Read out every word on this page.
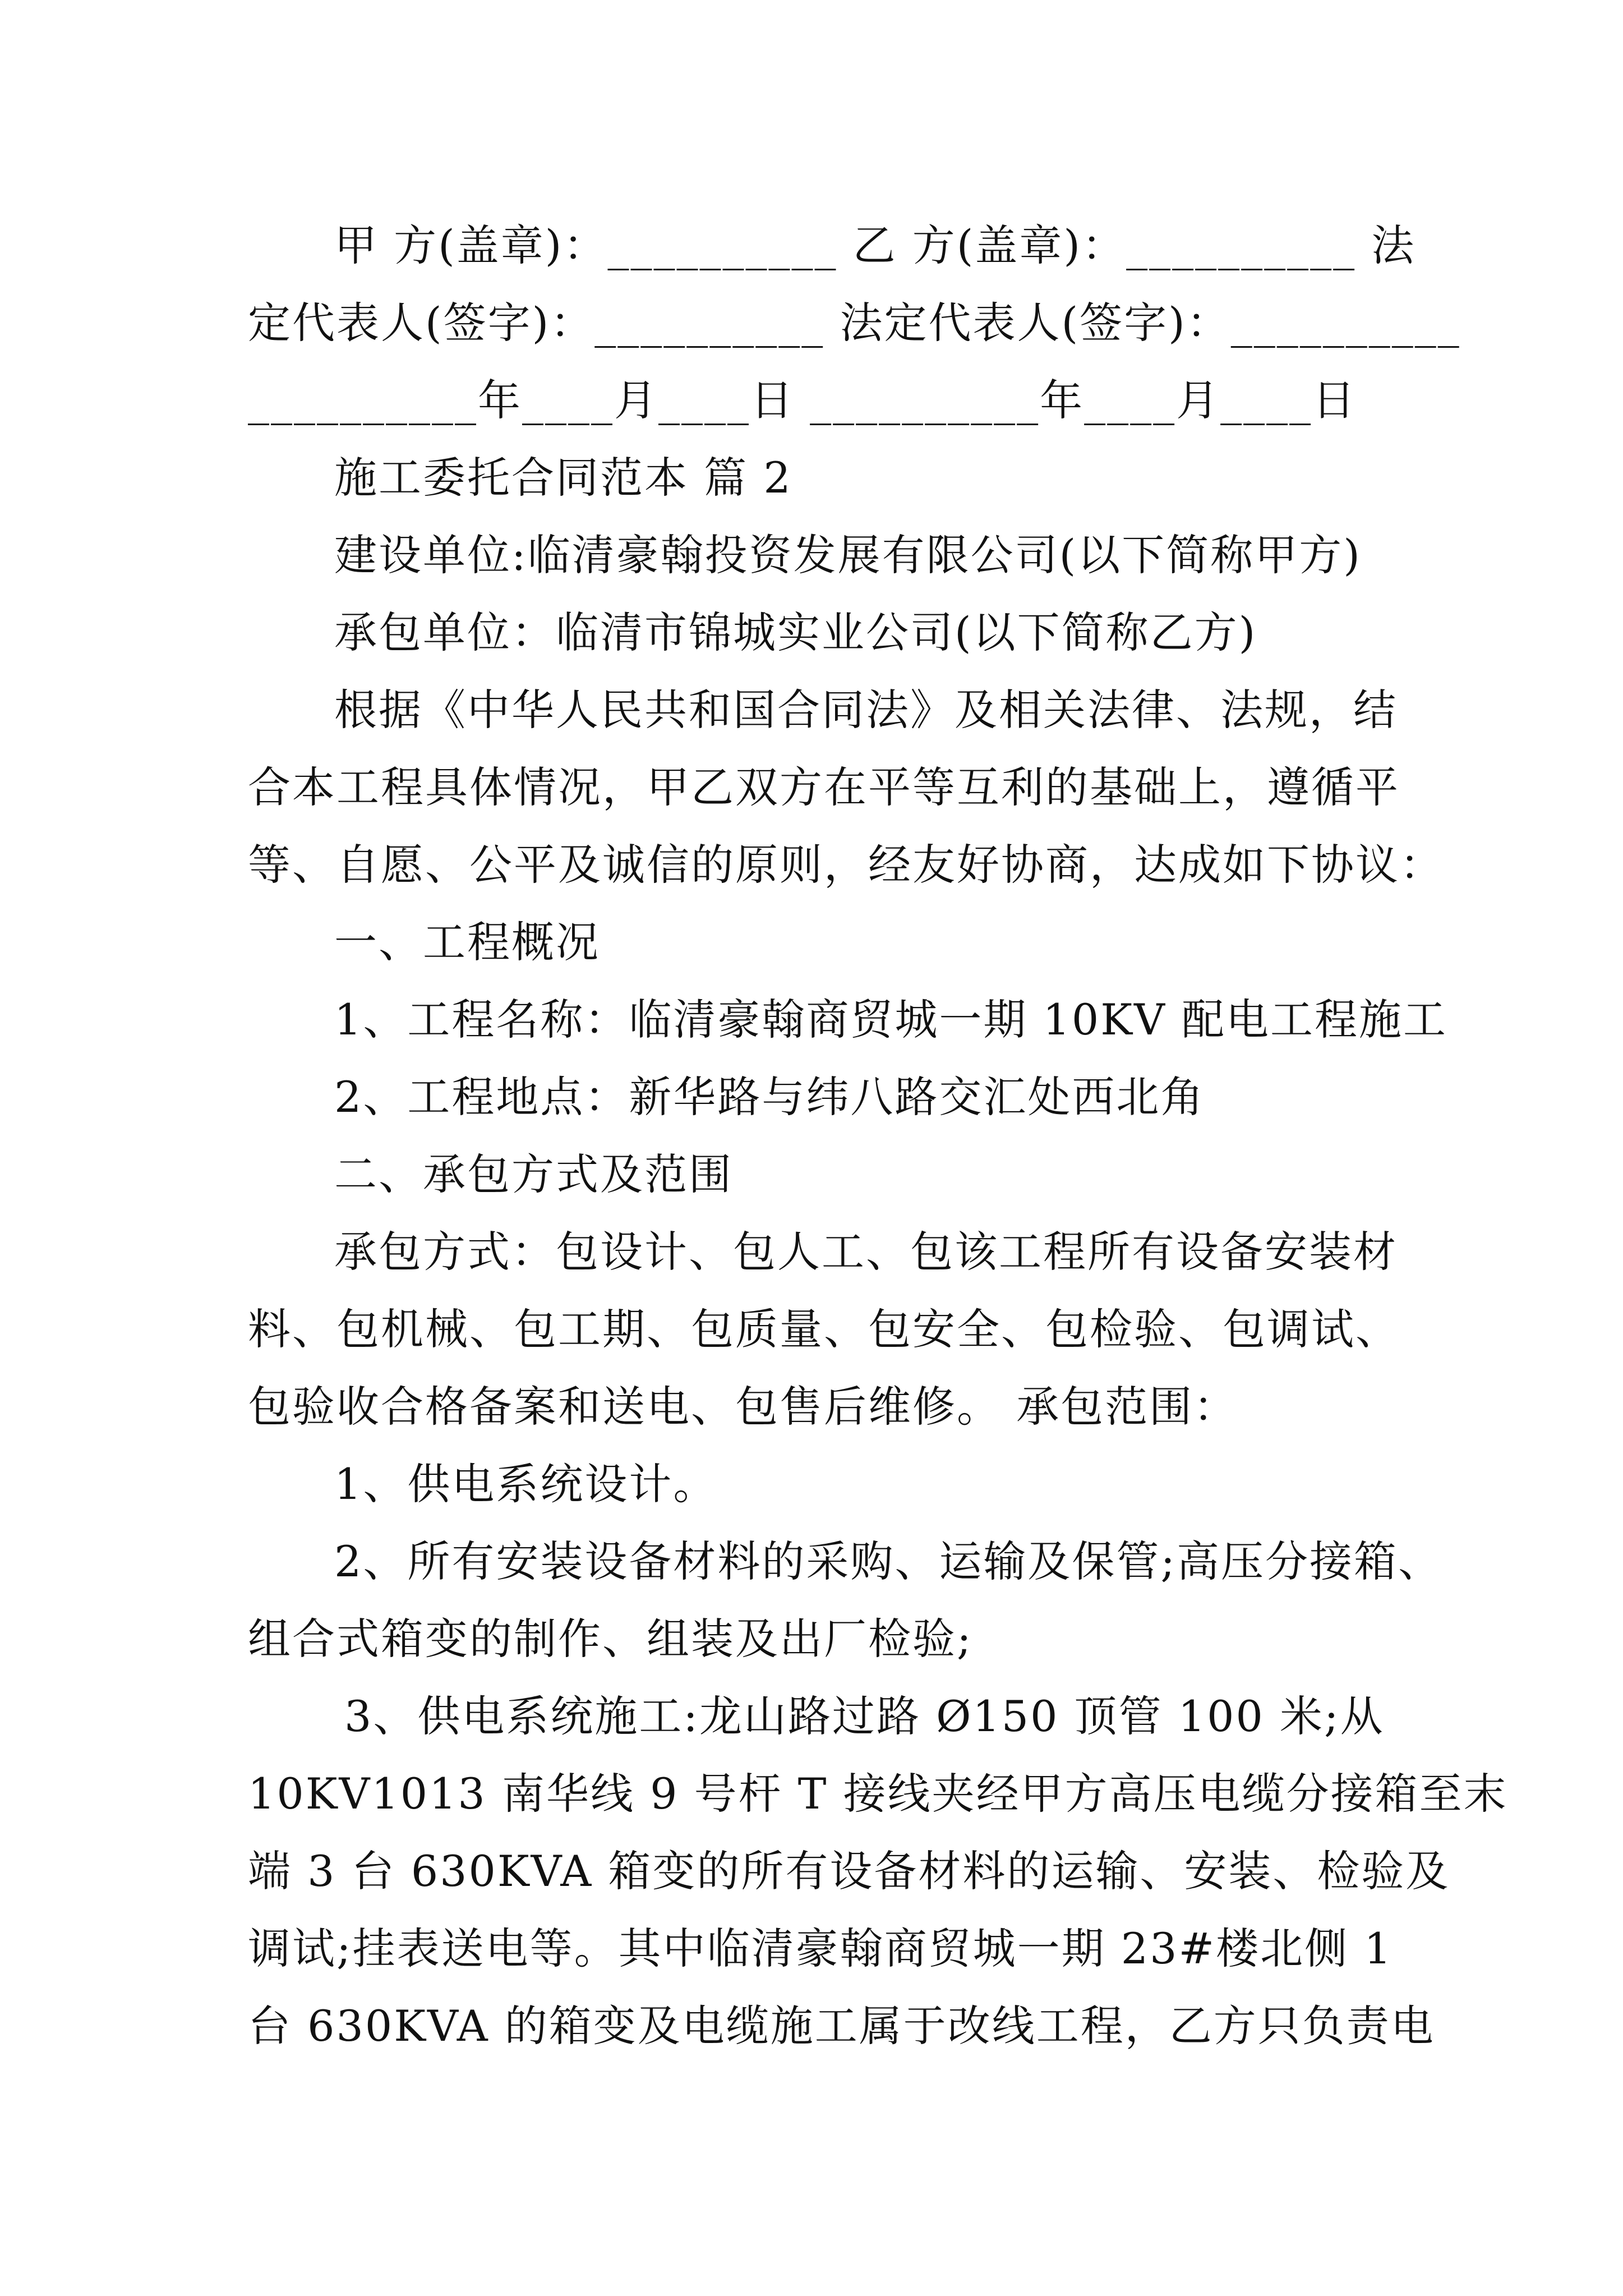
甲 方(盖章)：__________ 乙 方(盖章)：__________ 法
定代表人(签字)：__________ 法定代表人(签字)：__________
__________年____月____日 __________年____月____日
施工委托合同范本 篇 2
建设单位:临清豪翰投资发展有限公司(以下简称甲方)
承包单位：临清市锦城实业公司(以下简称乙方)
根据《中华人民共和国合同法》及相关法律、法规，结
合本工程具体情况，甲乙双方在平等互利的基础上，遵循平
等、自愿、公平及诚信的原则，经友好协商，达成如下协议：
一、工程概况
1、工程名称：临清豪翰商贸城一期 10KV 配电工程施工
2、工程地点：新华路与纬八路交汇处西北角
二、承包方式及范围
承包方式：包设计、包人工、包该工程所有设备安装材
料、包机械、包工期、包质量、包安全、包检验、包调试、
包验收合格备案和送电、包售后维修。 承包范围：
1、供电系统设计。
2、所有安装设备材料的采购、运输及保管;高压分接箱、
组合式箱变的制作、组装及出厂检验;
3、供电系统施工:龙山路过路 Ø150 顶管 100 米;从
10KV1013 南华线 9 号杆 T 接线夹经甲方高压电缆分接箱至末
端 3 台 630KVA 箱变的所有设备材料的运输、安装、检验及
调试;挂表送电等。其中临清豪翰商贸城一期 23#楼北侧 1
台 630KVA 的箱变及电缆施工属于改线工程，乙方只负责电
